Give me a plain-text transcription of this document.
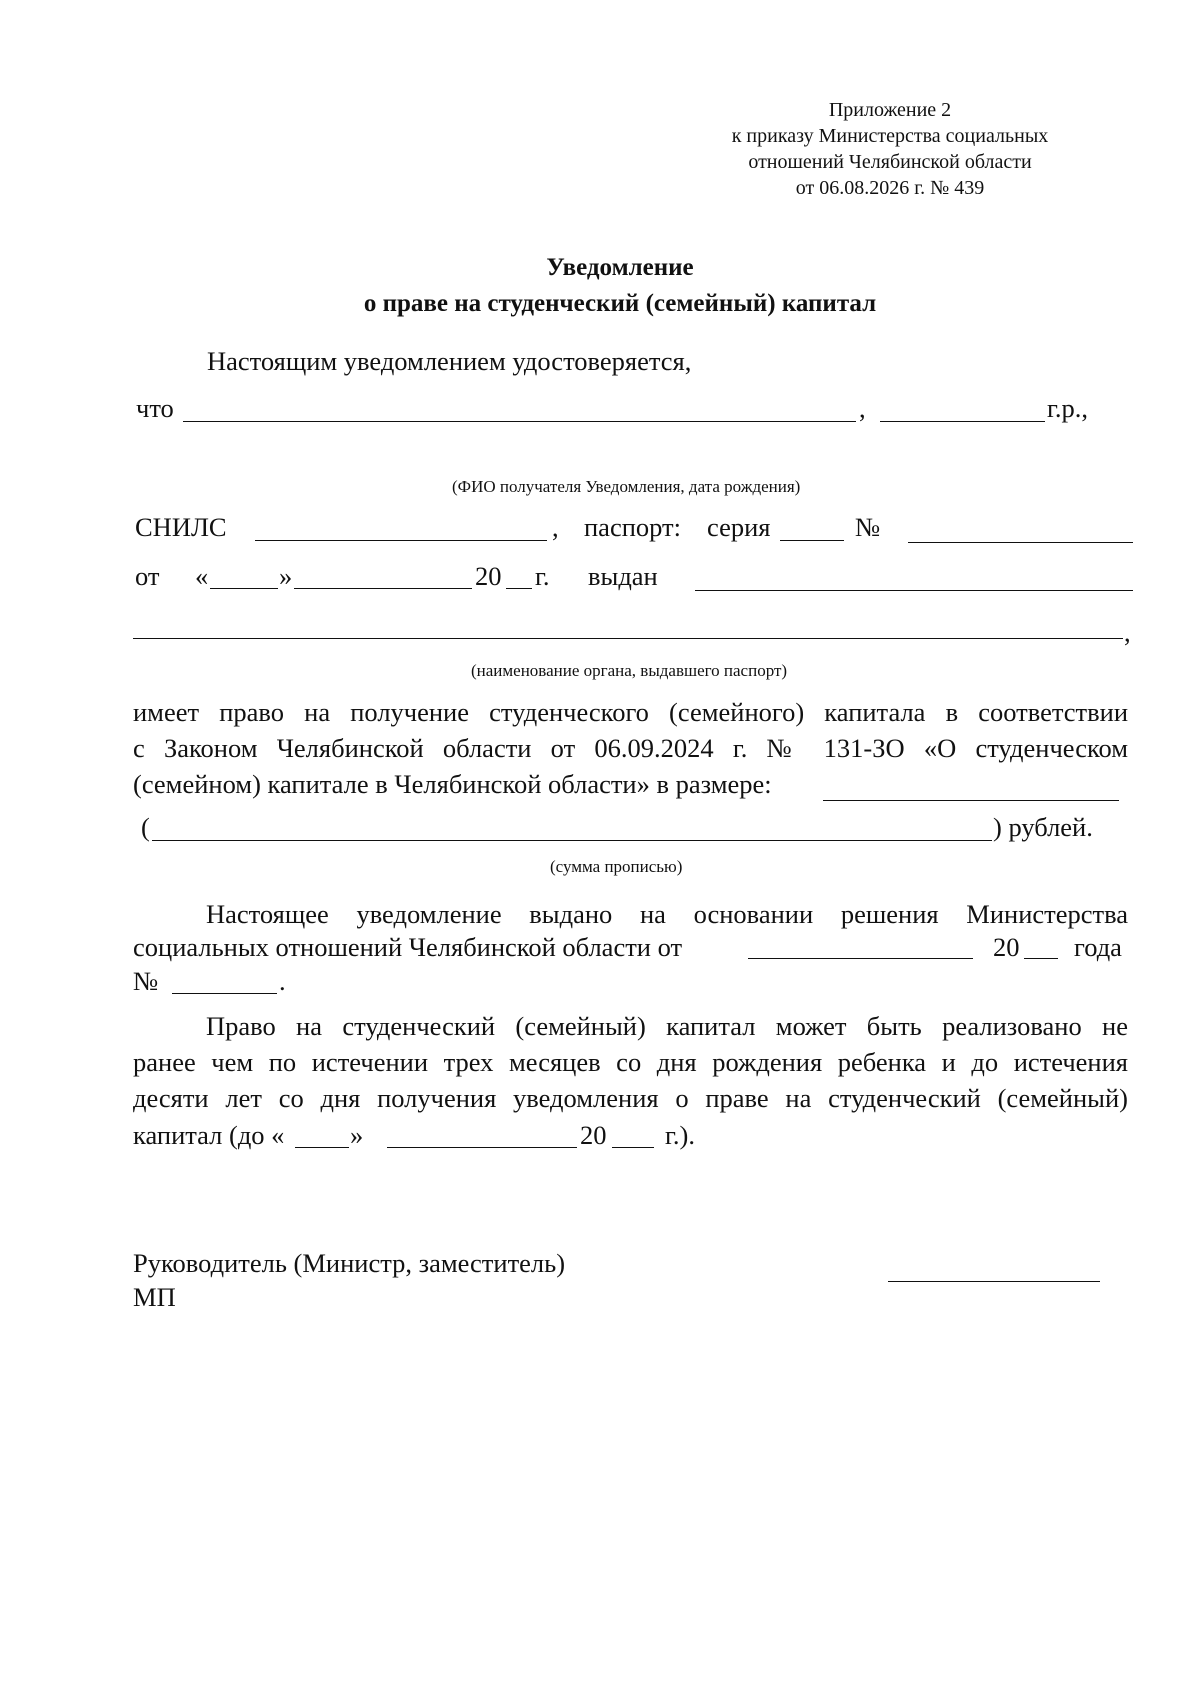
Приложение 2
к приказу Министерства социальных
отношений Челябинской области
от 06.08.2026 г. № 439
Уведомление
о праве на студенческий (семейный) капитал
Настоящим уведомлением удостоверяется,
что	,	г.р.,
(ФИО получателя Уведомления, дата рождения)
СНИЛС	, паспорт: серия	№
от «	»	20 г. выдан
,
(наименование органа, выдавшего паспорт)
имеет право на получение студенческого (семейного) капитала в соответствии
с Законом Челябинской области от 06.09.2024 г. № 131-ЗО «О студенческом
(семейном) капитале в Челябинской области» в размере:
(	) рублей.
(сумма прописью)
Настоящее уведомление выдано на основании решения Министерства
социальных отношений Челябинской области от	20 года
№	.
Право на студенческий (семейный) капитал может быть реализовано не
ранее чем по истечении трех месяцев со дня рождения ребенка и до истечения
десяти лет со дня получения уведомления о праве на студенческий (семейный)
капитал (до « »	20 г.).
Руководитель (Министр, заместитель)
МП
